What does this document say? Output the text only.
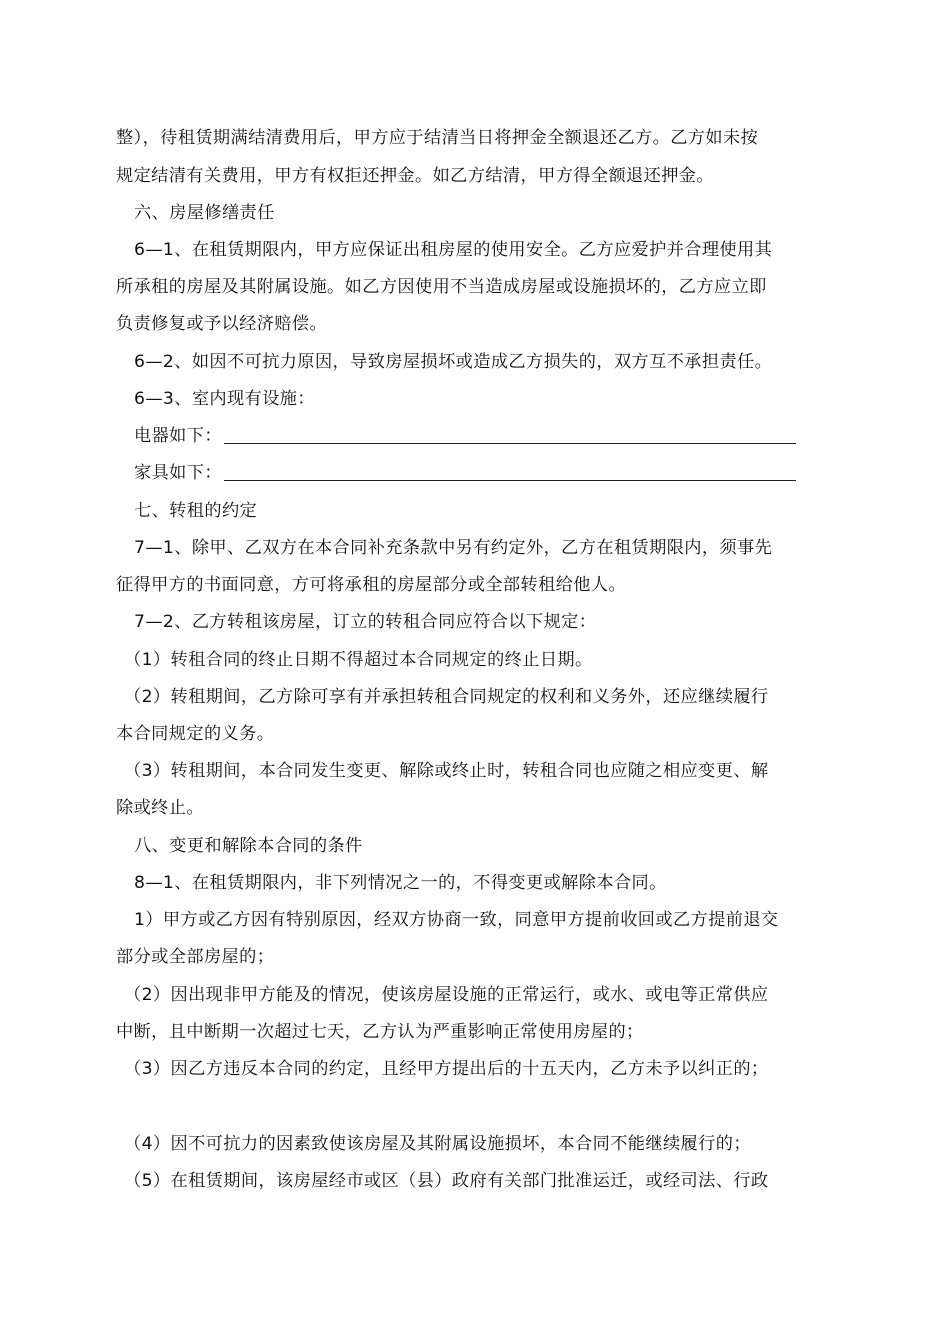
整），待租赁期满结清费用后，甲方应于结清当日将押金全额退还乙方。乙方如未按
规定结清有关费用，甲方有权拒还押金。如乙方结清，甲方得全额退还押金。
六、房屋修缮责任
6—1、在租赁期限内，甲方应保证出租房屋的使用安全。乙方应爱护并合理使用其
所承租的房屋及其附属设施。如乙方因使用不当造成房屋或设施损坏的，乙方应立即
负责修复或予以经济赔偿。
6—2、如因不可抗力原因，导致房屋损坏或造成乙方损失的，双方互不承担责任。
6—3、室内现有设施：
电器如下：
家具如下：
七、转租的约定
7—1、除甲、乙双方在本合同补充条款中另有约定外，乙方在租赁期限内，须事先
征得甲方的书面同意，方可将承租的房屋部分或全部转租给他人。
7—2、乙方转租该房屋，订立的转租合同应符合以下规定：
（1）转租合同的终止日期不得超过本合同规定的终止日期。
（2）转租期间，乙方除可享有并承担转租合同规定的权利和义务外，还应继续履行
本合同规定的义务。
（3）转租期间，本合同发生变更、解除或终止时，转租合同也应随之相应变更、解
除或终止。
八、变更和解除本合同的条件
8—1、在租赁期限内，非下列情况之一的，不得变更或解除本合同。
1）甲方或乙方因有特别原因，经双方协商一致，同意甲方提前收回或乙方提前退交
部分或全部房屋的；
（2）因出现非甲方能及的情况，使该房屋设施的正常运行，或水、或电等正常供应
中断，且中断期一次超过七天，乙方认为严重影响正常使用房屋的；
（3）因乙方违反本合同的约定，且经甲方提出后的十五天内，乙方未予以纠正的；
（4）因不可抗力的因素致使该房屋及其附属设施损坏，本合同不能继续履行的；
（5）在租赁期间，该房屋经市或区（县）政府有关部门批准运迁，或经司法、行政
